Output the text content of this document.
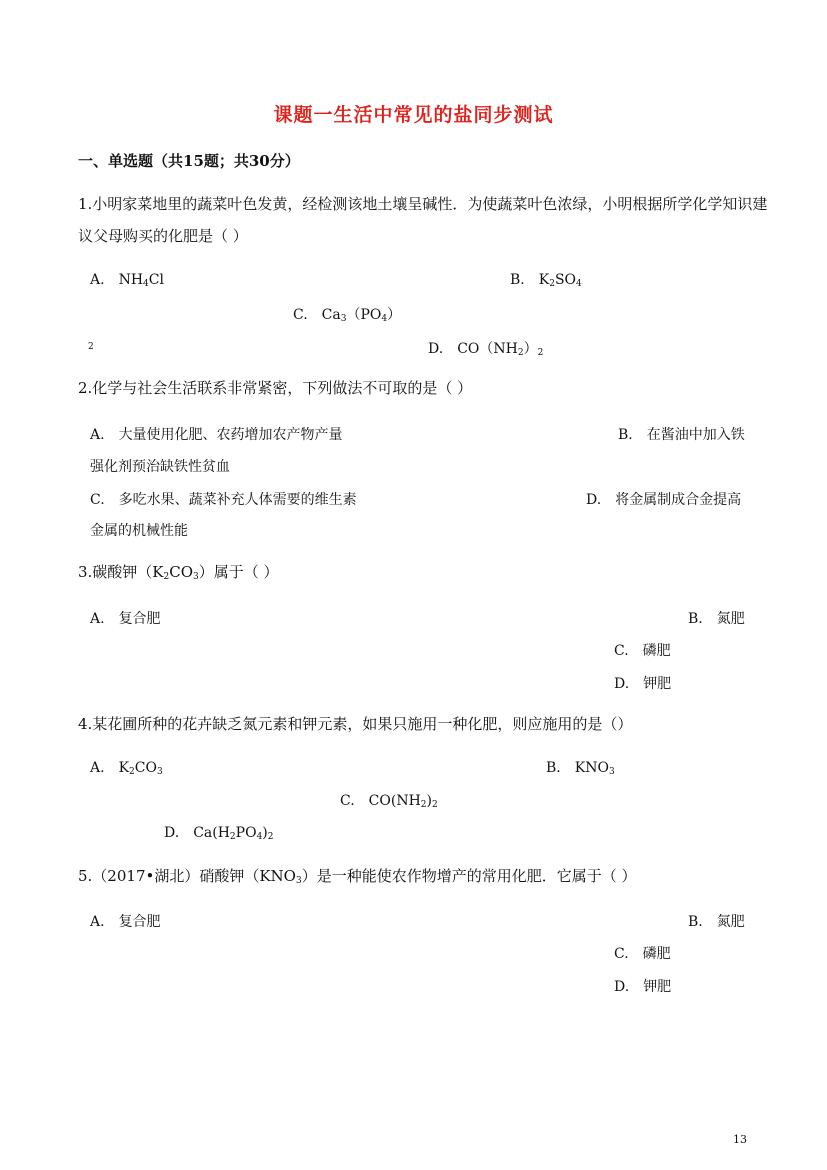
课题一生活中常见的盐同步测试
一、单选题（共15题；共30分）
1.小明家菜地里的蔬菜叶色发黄，经检测该地土壤呈碱性．为使蔬菜叶色浓绿，小明根据所学化学知识建
议父母购买的化肥是（ ）
A. $NH_4Cl$	B. $K_2SO_4$
C. $Ca_3(PO_4)$
2	D. $CO(NH_2)_2$
2.化学与社会生活联系非常紧密，下列做法不可取的是（ ）
A. 大量使用化肥、农药增加农产物产量	B. 在酱油中加入铁
强化剂预治缺铁性贫血
C. 多吃水果、蔬菜补充人体需要的维生素	D. 将金属制成合金提高
金属的机械性能
3.碳酸钾$(K_2CO_3)$属于（ ）
A. 复合肥	B. 氮肥
C. 磷肥
D. 钾肥
4.某花圃所种的花卉缺乏氮元素和钾元素，如果只施用一种化肥，则应施用的是（）
A. $K_2CO_3$	B. $KNO_3$
C. $CO(NH_2)_2$
D. $Ca(H_2PO_4)_2$
5.（2017•湖北）硝酸钾$(KNO_3)$是一种能使农作物增产的常用化肥．它属于（ ）
A. 复合肥	B. 氮肥
C. 磷肥
D. 钾肥
13
